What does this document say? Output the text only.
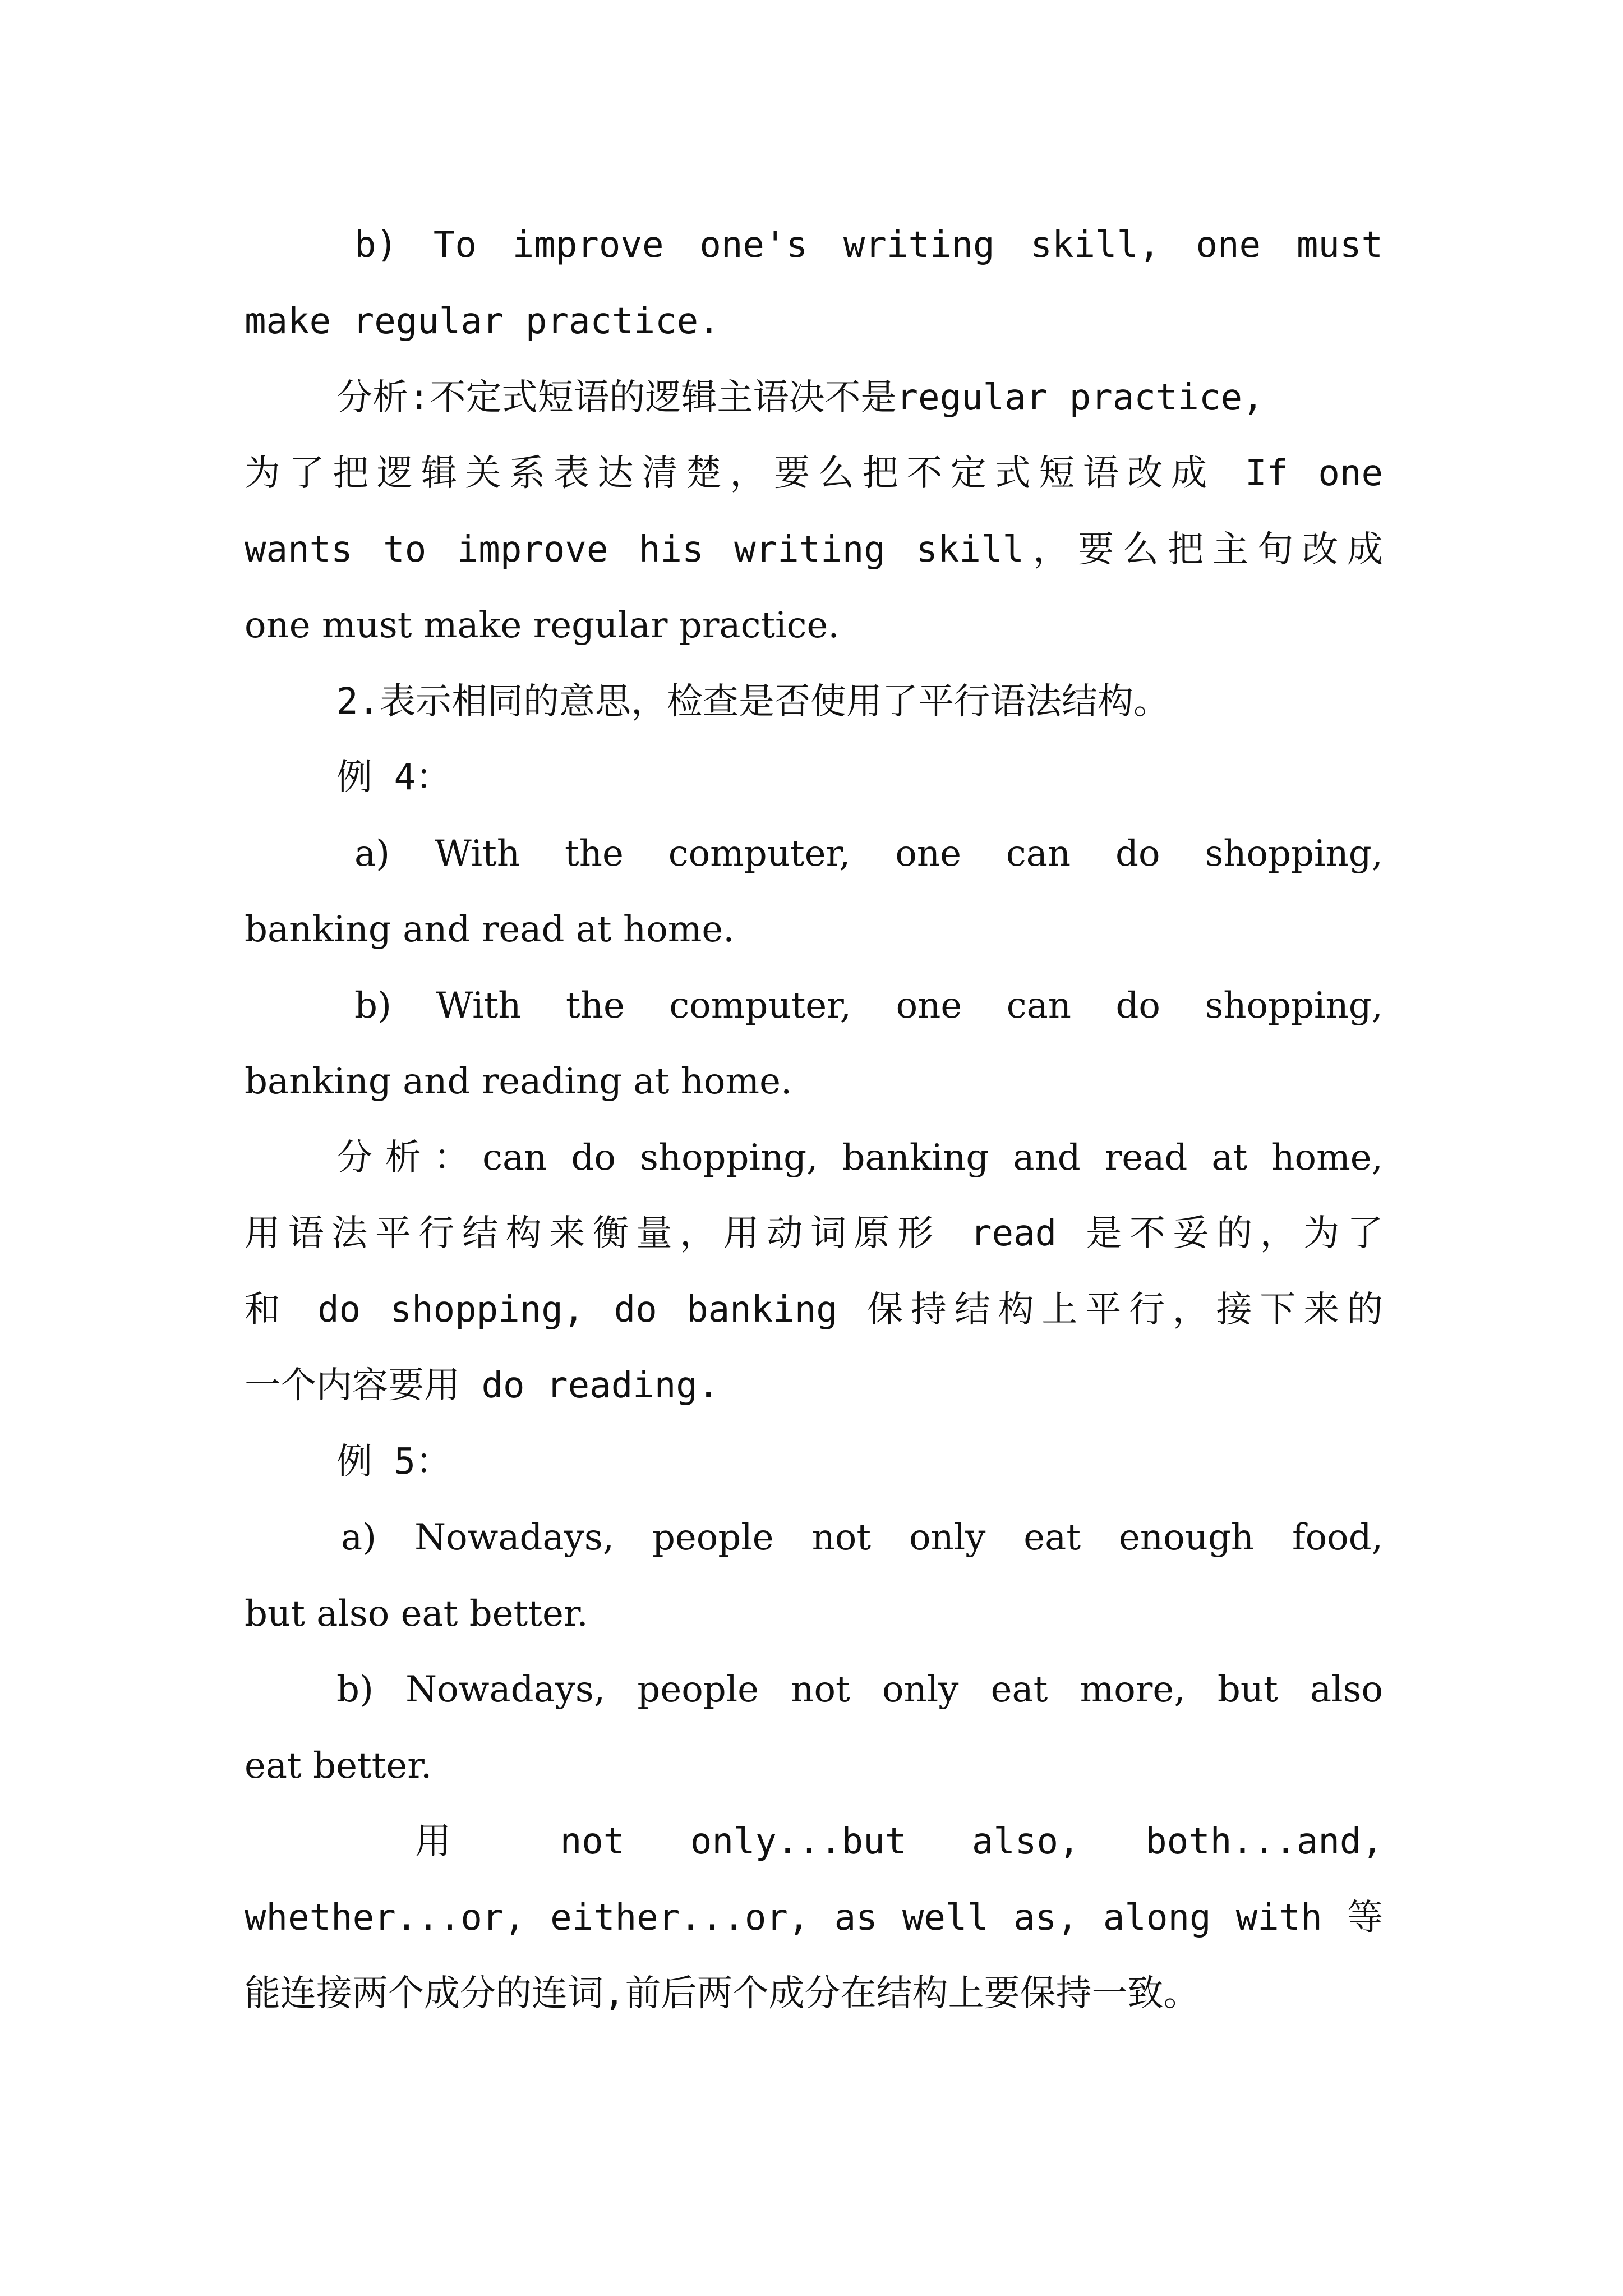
b) To improve one's writing skill, one must
make regular practice.
分析:不定式短语的逻辑主语决不是regular practice,
为了把逻辑关系表达清楚，要么把不定式短语改成 If one
wants to improve his writing skill，要么把主句改成
one must make regular practice.
2.表示相同的意思，检查是否使用了平行语法结构。
例 4：
a) With the computer, one can do shopping,
banking and read at home.
b) With the computer, one can do shopping,
banking and reading at home.
分析：can do shopping, banking and read at home,
用语法平行结构来衡量，用动词原形 read 是不妥的，为了
和 do shopping, do banking 保持结构上平行，接下来的
一个内容要用 do reading.
例 5：
a) Nowadays, people not only eat enough food,
but also eat better.
b) Nowadays, people not only eat more, but also
eat better.
用 not only...but also, both...and,
whether...or, either...or, as well as, along with 等
能连接两个成分的连词,前后两个成分在结构上要保持一致。
